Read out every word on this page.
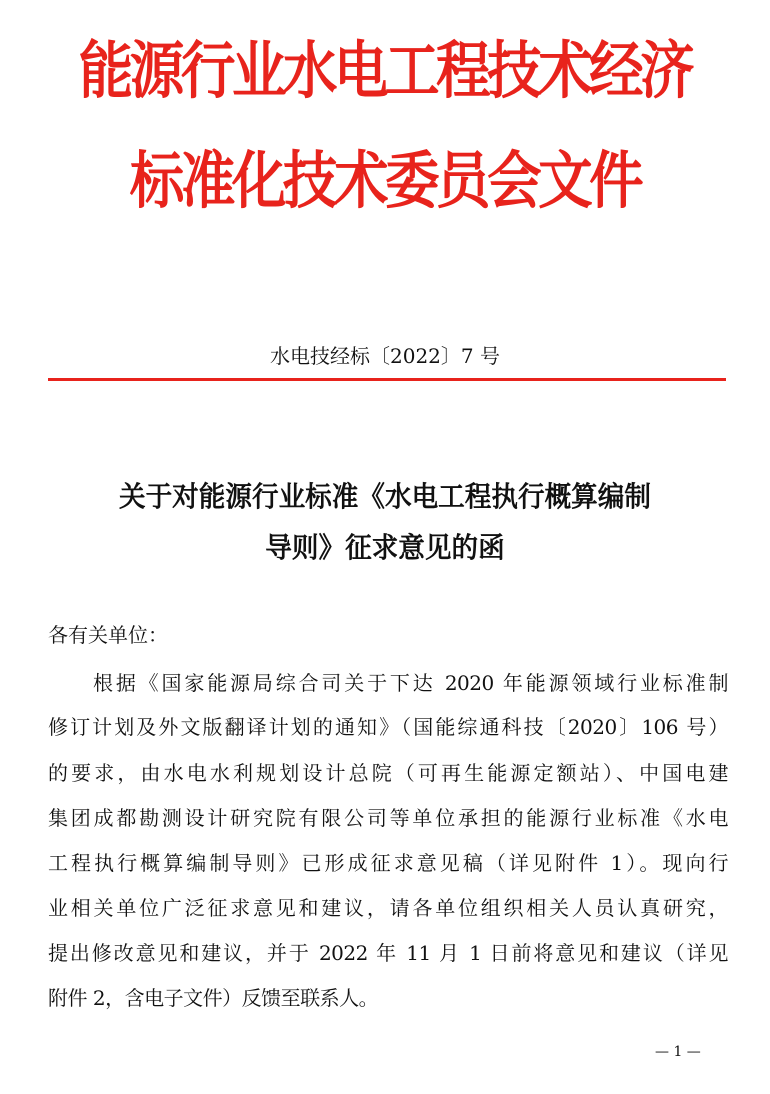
能源行业水电工程技术经济
标准化技术委员会文件
水电技经标〔2022〕7 号
关于对能源行业标准《水电工程执行概算编制
导则》征求意见的函
各有关单位：
根据《国家能源局综合司关于下达 2020 年能源领域行业标准制
修订计划及外文版翻译计划的通知》（国能综通科技〔2020〕106 号）
的要求，由水电水利规划设计总院（可再生能源定额站）、中国电建
集团成都勘测设计研究院有限公司等单位承担的能源行业标准《水电
工程执行概算编制导则》已形成征求意见稿（详见附件 1）。现向行
业相关单位广泛征求意见和建议，请各单位组织相关人员认真研究，
提出修改意见和建议，并于 2022 年 11 月 1 日前将意见和建议（详见
附件 2，含电子文件）反馈至联系人。
— 1 —
